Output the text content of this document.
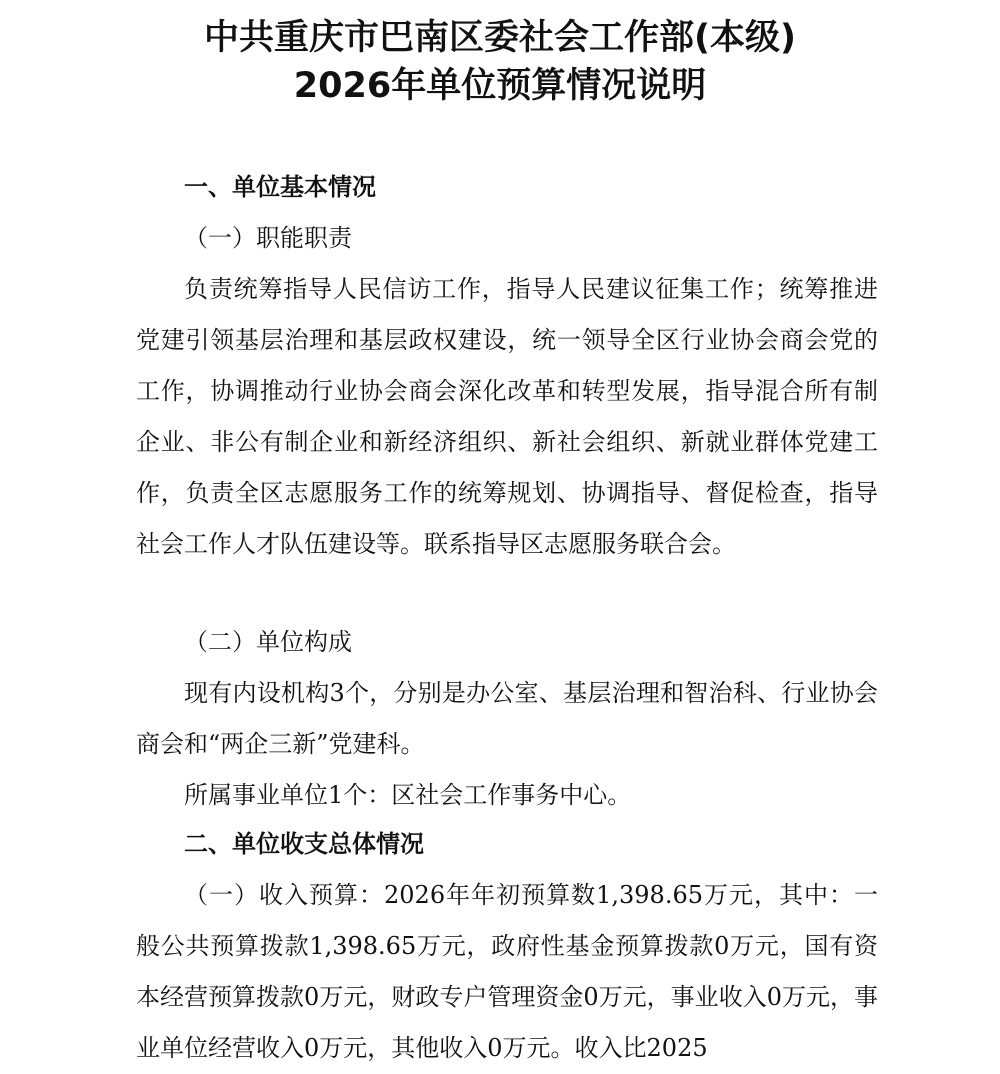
中共重庆市巴南区委社会工作部(本级)
2026年单位预算情况说明

一、单位基本情况

（一）职能职责

负责统筹指导人民信访工作，指导人民建议征集工作；统筹推进党建引领基层治理和基层政权建设，统一领导全区行业协会商会党的工作，协调推动行业协会商会深化改革和转型发展，指导混合所有制企业、非公有制企业和新经济组织、新社会组织、新就业群体党建工作，负责全区志愿服务工作的统筹规划、协调指导、督促检查，指导社会工作人才队伍建设等。联系指导区志愿服务联合会。

（二）单位构成

现有内设机构3个，分别是办公室、基层治理和智治科、行业协会商会和“两企三新”党建科。

所属事业单位1个：区社会工作事务中心。

二、单位收支总体情况

（一）收入预算：2026年年初预算数1,398.65万元，其中：一般公共预算拨款1,398.65万元，政府性基金预算拨款0万元，国有资本经营预算拨款0万元，财政专户管理资金0万元，事业收入0万元，事业单位经营收入0万元，其他收入0万元。收入比2025
